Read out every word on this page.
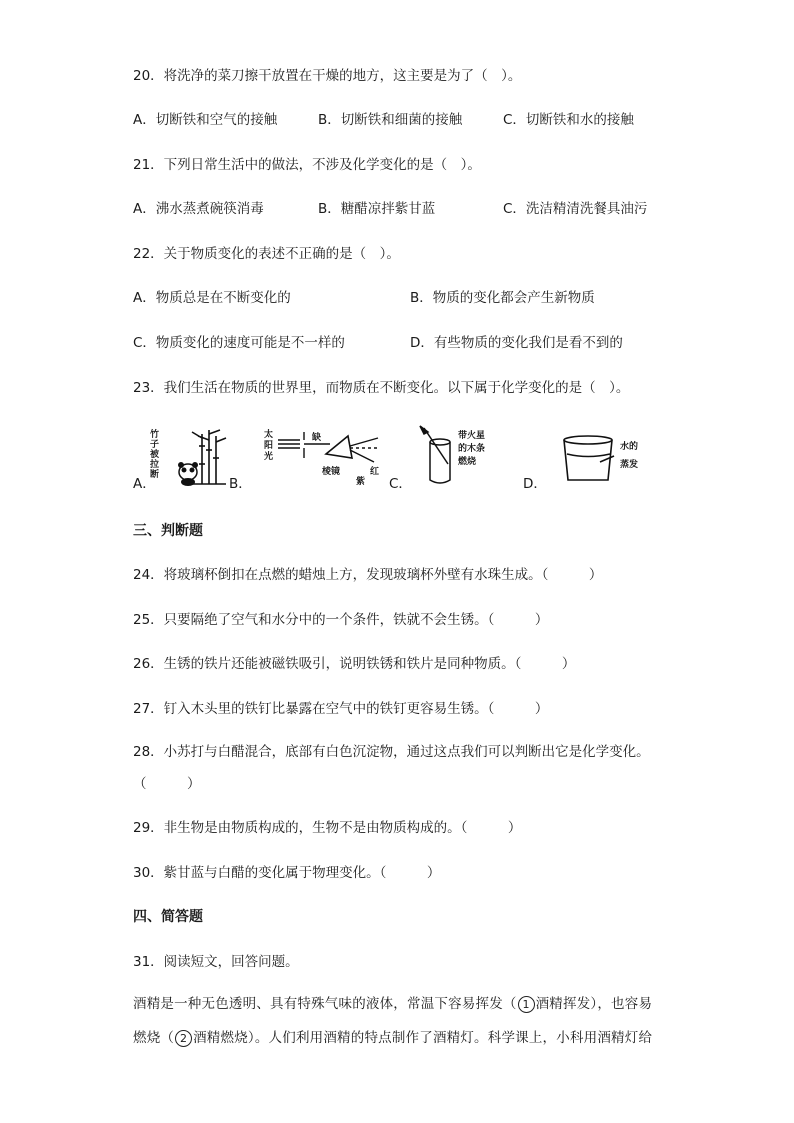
20．将洗净的菜刀擦干放置在干燥的地方，这主要是为了（　）。
A．切断铁和空气的接触	B．切断铁和细菌的接触	C．切断铁和水的接触
21．下列日常生活中的做法，不涉及化学变化的是（　）。
A．沸水蒸煮碗筷消毒	B．糖醋凉拌紫甘蓝	C．洗洁精清洗餐具油污
22．关于物质变化的表述不正确的是（　）。
A．物质总是在不断变化的	B．物质的变化都会产生新物质
C．物质变化的速度可能是不一样的	D．有些物质的变化我们是看不到的
23．我们生活在物质的世界里，而物质在不断变化。以下属于化学变化的是（　）。
A．	B．	C．	D．
竹
子
被
拉
断
太
阳
光
缺
棱镜	红
紫
带火星
的木条
燃烧
水的
蒸发
三、判断题
24．将玻璃杯倒扣在点燃的蜡烛上方，发现玻璃杯外壁有水珠生成。（　　　）
25．只要隔绝了空气和水分中的一个条件，铁就不会生锈。（　　　）
26．生锈的铁片还能被磁铁吸引，说明铁锈和铁片是同种物质。（　　　）
27．钉入木头里的铁钉比暴露在空气中的铁钉更容易生锈。（　　　）
28．小苏打与白醋混合，底部有白色沉淀物，通过这点我们可以判断出它是化学变化。
（　　　）
29．非生物是由物质构成的，生物不是由物质构成的。（　　　）
30．紫甘蓝与白醋的变化属于物理变化。（　　　）
四、简答题
31．阅读短文，回答问题。
酒精是一种无色透明、具有特殊气味的液体，常温下容易挥发（ 1 酒精挥发），也容易
燃烧（ 2 酒精燃烧）。人们利用酒精的特点制作了酒精灯。科学课上，小科用酒精灯给
